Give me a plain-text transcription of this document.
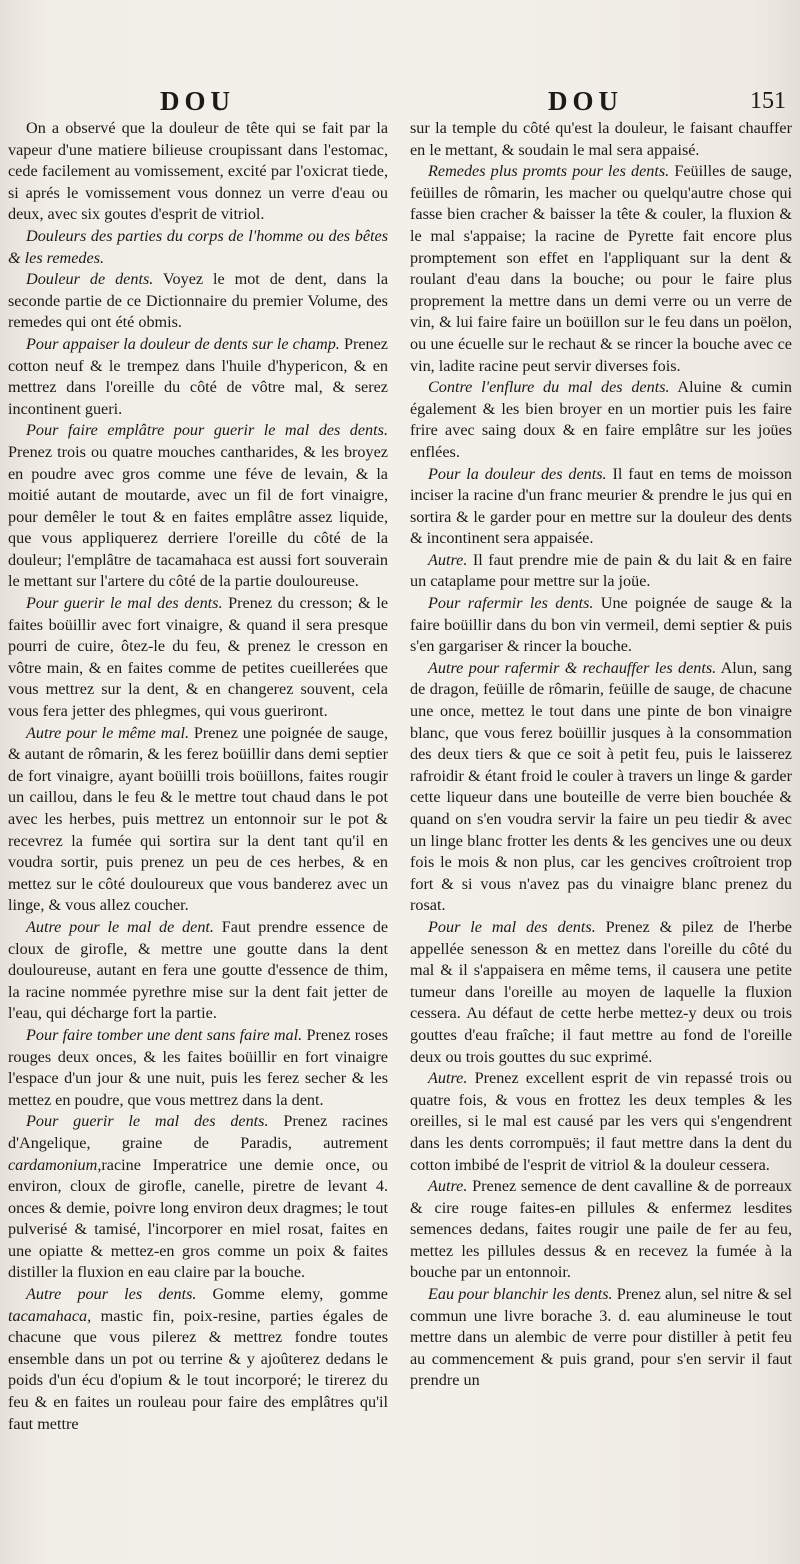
DOU	DOU	151

On a observé que la douleur de tête qui se fait par la vapeur d'une matiere bilieuse croupissant dans l'estomac, cede facilement au vomissement, excité par l'oxicrat tiede, si aprés le vomissement vous donnez un verre d'eau ou deux, avec six goutes d'esprit de vitriol.

Douleurs des parties du corps de l'homme ou des bêtes & les remedes.

Douleur de dents. Voyez le mot de dent, dans la seconde partie de ce Dictionnaire du premier Volume, des remedes qui ont été obmis.

Pour appaiser la douleur de dents sur le champ. Prenez cotton neuf & le trempez dans l'huile d'hypericon, & en mettrez dans l'oreille du côté de vôtre mal, & serez incontinent gueri.

Pour faire emplâtre pour guerir le mal des dents. Prenez trois ou quatre mouches cantharides, & les broyez en poudre avec gros comme une féve de levain, & la moitié autant de moutarde, avec un fil de fort vinaigre, pour demêler le tout & en faites emplâtre assez liquide, que vous appliquerez derriere l'oreille du côté de la douleur; l'emplâtre de tacamahaca est aussi fort souverain le mettant sur l'artere du côté de la partie douloureuse.

Pour guerir le mal des dents. Prenez du cresson; & le faites boüillir avec fort vinaigre, & quand il sera presque pourri de cuire, ôtez-le du feu, & prenez le cresson en vôtre main, & en faites comme de petites cueillerées que vous mettrez sur la dent, & en changerez souvent, cela vous fera jetter des phlegmes, qui vous gueriront.

Autre pour le même mal. Prenez une poignée de sauge, & autant de rômarin, & les ferez boüillir dans demi septier de fort vinaigre, ayant boüilli trois boüillons, faites rougir un caillou, dans le feu & le mettre tout chaud dans le pot avec les herbes, puis mettrez un entonnoir sur le pot & recevrez la fumée qui sortira sur la dent tant qu'il en voudra sortir, puis prenez un peu de ces herbes, & en mettez sur le côté douloureux que vous banderez avec un linge, & vous allez coucher.

Autre pour le mal de dent. Faut prendre essence de cloux de girofle, & mettre une goutte dans la dent douloureuse, autant en fera une goutte d'essence de thim, la racine nommée pyrethre mise sur la dent fait jetter de l'eau, qui décharge fort la partie.

Pour faire tomber une dent sans faire mal. Prenez roses rouges deux onces, & les faites boüillir en fort vinaigre l'espace d'un jour & une nuit, puis les ferez secher & les mettez en poudre, que vous mettrez dans la dent.

Pour guerir le mal des dents. Prenez racines d'Angelique, graine de Paradis, autrement cardamonium,racine Imperatrice une demie once, ou environ, cloux de girofle, canelle, piretre de levant 4. onces & demie, poivre long environ deux dragmes; le tout pulverisé & tamisé, l'incorporer en miel rosat, faites en une opiatte & mettez-en gros comme un poix & faites distiller la fluxion en eau claire par la bouche.

Autre pour les dents. Gomme elemy, gomme tacamahaca, mastic fin, poix-resine, parties égales de chacune que vous pilerez & mettrez fondre toutes ensemble dans un pot ou terrine & y ajoûterez dedans le poids d'un écu d'opium & le tout incorporé; le tirerez du feu & en faites un rouleau pour faire des emplâtres qu'il faut mettre

sur la temple du côté qu'est la douleur, le faisant chauffer en le mettant, & soudain le mal sera appaisé.

Remedes plus promts pour les dents. Feüilles de sauge, feüilles de rômarin, les macher ou quelqu'autre chose qui fasse bien cracher & baisser la tête & couler, la fluxion & le mal s'appaise; la racine de Pyrette fait encore plus promptement son effet en l'appliquant sur la dent & roulant d'eau dans la bouche; ou pour le faire plus proprement la mettre dans un demi verre ou un verre de vin, & lui faire faire un boüillon sur le feu dans un poëlon, ou une écuelle sur le rechaut & se rincer la bouche avec ce vin, ladite racine peut servir diverses fois.

Contre l'enflure du mal des dents. Aluine & cumin également & les bien broyer en un mortier puis les faire frire avec saing doux & en faire emplâtre sur les joües enflées.

Pour la douleur des dents. Il faut en tems de moisson inciser la racine d'un franc meurier & prendre le jus qui en sortira & le garder pour en mettre sur la douleur des dents & incontinent sera appaisée.

Autre. Il faut prendre mie de pain & du lait & en faire un cataplame pour mettre sur la joüe.

Pour rafermir les dents. Une poignée de sauge & la faire boüillir dans du bon vin vermeil, demi septier & puis s'en gargariser & rincer la bouche.

Autre pour rafermir & rechauffer les dents. Alun, sang de dragon, feüille de rômarin, feüille de sauge, de chacune une once, mettez le tout dans une pinte de bon vinaigre blanc, que vous ferez boüillir jusques à la consommation des deux tiers & que ce soit à petit feu, puis le laisserez rafroidir & étant froid le couler à travers un linge & garder cette liqueur dans une bouteille de verre bien bouchée & quand on s'en voudra servir la faire un peu tiedir & avec un linge blanc frotter les dents & les gencives une ou deux fois le mois & non plus, car les gencives croîtroient trop fort & si vous n'avez pas du vinaigre blanc prenez du rosat.

Pour le mal des dents. Prenez & pilez de l'herbe appellée senesson & en mettez dans l'oreille du côté du mal & il s'appaisera en même tems, il causera une petite tumeur dans l'oreille au moyen de laquelle la fluxion cessera. Au défaut de cette herbe mettez-y deux ou trois gouttes d'eau fraîche; il faut mettre au fond de l'oreille deux ou trois gouttes du suc exprimé.

Autre. Prenez excellent esprit de vin repassé trois ou quatre fois, & vous en frottez les deux temples & les oreilles, si le mal est causé par les vers qui s'engendrent dans les dents corrompuës; il faut mettre dans la dent du cotton imbibé de l'esprit de vitriol & la douleur cessera.

Autre. Prenez semence de dent cavalline & de porreaux & cire rouge faites-en pillules & enfermez lesdites semences dedans, faites rougir une paile de fer au feu, mettez les pillules dessus & en recevez la fumée à la bouche par un entonnoir.

Eau pour blanchir les dents. Prenez alun, sel nitre & sel commun une livre borache 3. d. eau alumineuse le tout mettre dans un alembic de verre pour distiller à petit feu au commencement & puis grand, pour s'en servir il faut prendre un
